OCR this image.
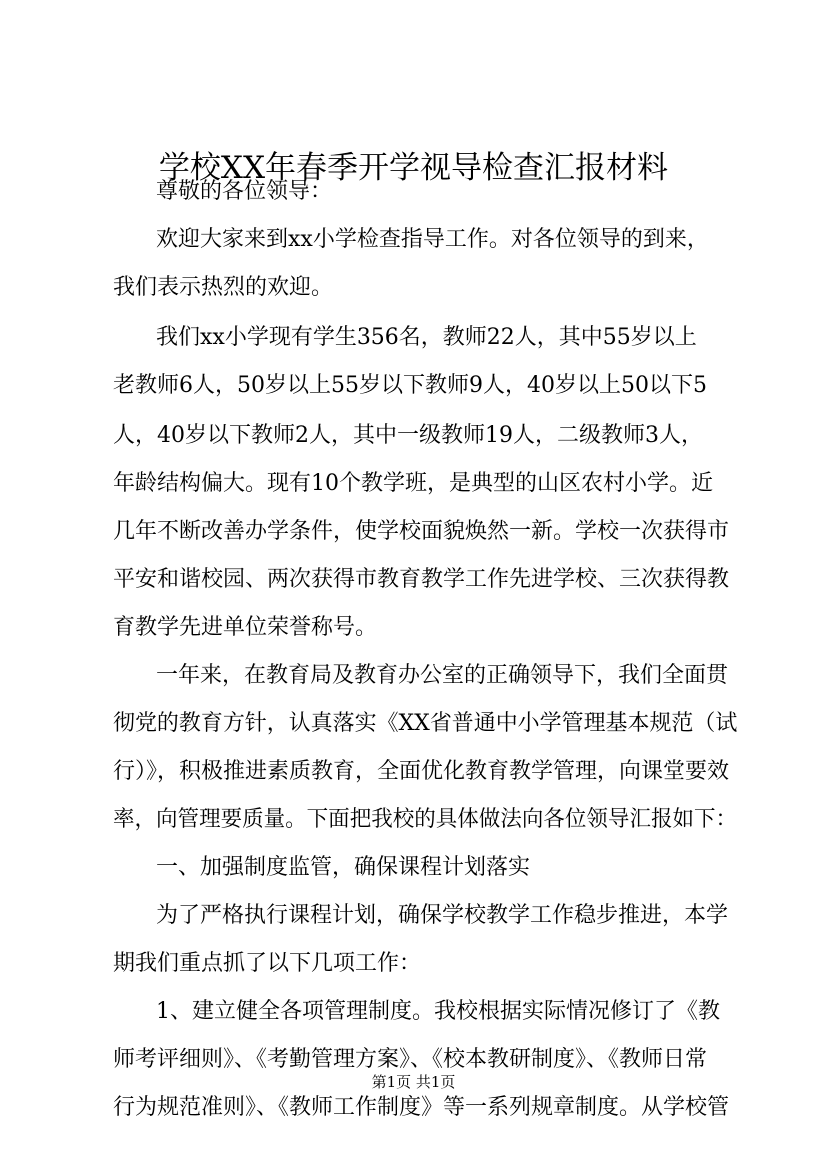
学校XX年春季开学视导检查汇报材料
尊敬的各位领导：
欢迎大家来到xx小学检查指导工作。对各位领导的到来，
我们表示热烈的欢迎。
我们xx小学现有学生356名，教师22人，其中55岁以上
老教师6人，50岁以上55岁以下教师9人，40岁以上50以下5
人，40岁以下教师2人，其中一级教师19人，二级教师3人，
年龄结构偏大。现有10个教学班，是典型的山区农村小学。近
几年不断改善办学条件，使学校面貌焕然一新。学校一次获得市
平安和谐校园、两次获得市教育教学工作先进学校、三次获得教
育教学先进单位荣誉称号。
一年来，在教育局及教育办公室的正确领导下，我们全面贯
彻党的教育方针，认真落实《XX省普通中小学管理基本规范（试
行）》，积极推进素质教育，全面优化教育教学管理，向课堂要效
率，向管理要质量。下面把我校的具体做法向各位领导汇报如下：
一、加强制度监管，确保课程计划落实
为了严格执行课程计划，确保学校教学工作稳步推进，本学
期我们重点抓了以下几项工作：
1、建立健全各项管理制度。我校根据实际情况修订了《教
师考评细则》、《考勤管理方案》、《校本教研制度》、《教师日常
行为规范准则》、《教师工作制度》等一系列规章制度。从学校管
第1页 共1页
